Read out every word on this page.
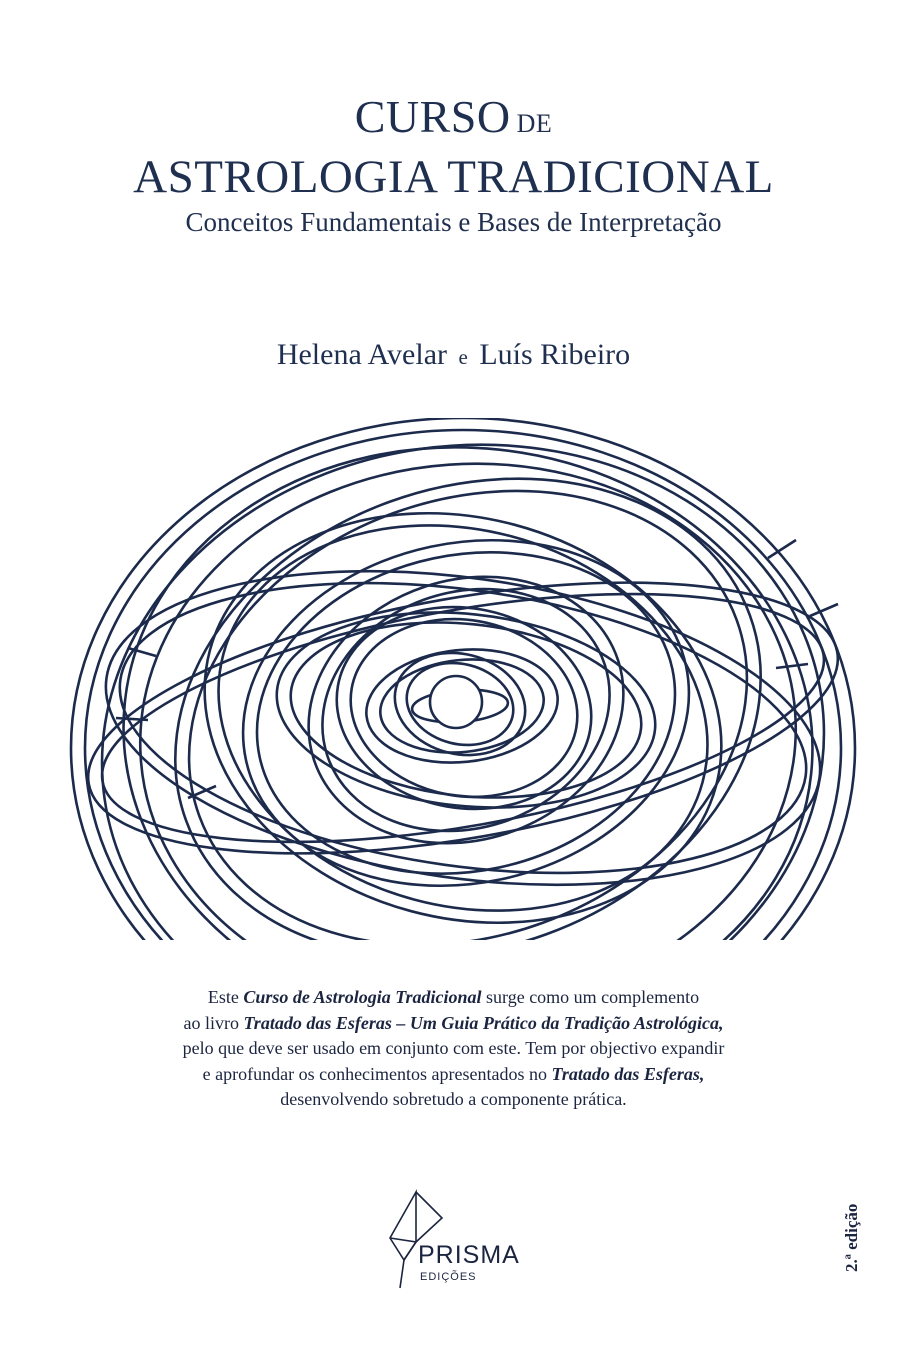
CURSO DE
ASTROLOGIA TRADICIONAL
Conceitos Fundamentais e Bases de Interpretação
Helena Avelar e Luís Ribeiro
Este Curso de Astrologia Tradicional surge como um complemento
ao livro Tratado das Esferas – Um Guia Prático da Tradição Astrológica,
pelo que deve ser usado em conjunto com este. Tem por objectivo expandir
e aprofundar os conhecimentos apresentados no Tratado das Esferas,
desenvolvendo sobretudo a componente prática.
PRISMA
EDIÇÕES
2.ª edição
